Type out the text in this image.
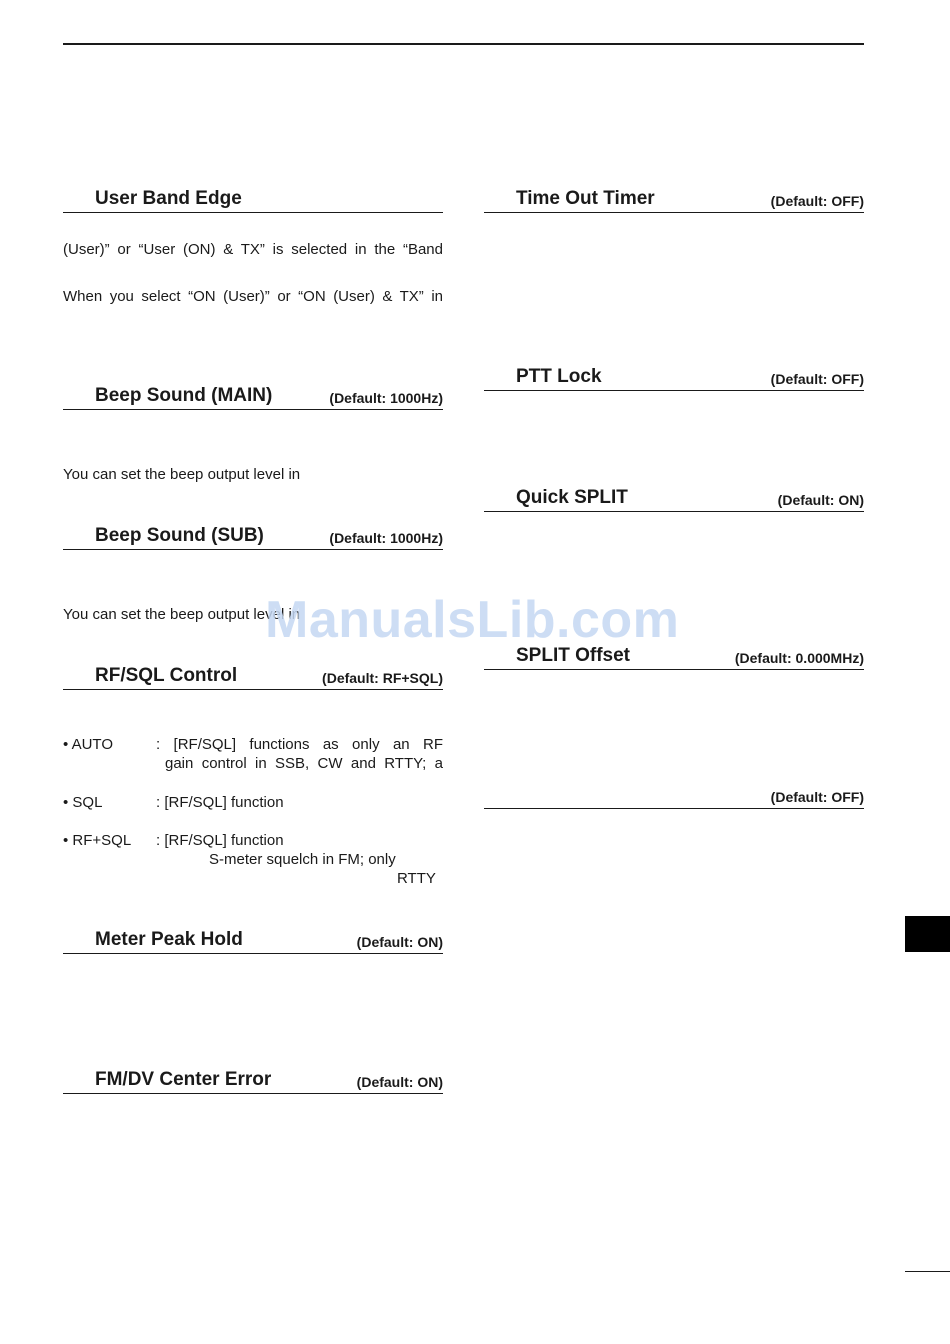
User Band Edge
(User)” or “User (ON) & TX” is selected in the “Band
When you select “ON (User)” or “ON (User) & TX” in
Beep Sound (MAIN)	(Default: 1000Hz)
You can set the beep output level in
Beep Sound (SUB)	(Default: 1000Hz)
You can set the beep output level in
RF/SQL Control	(Default: RF+SQL)
• AUTO	: [RF/SQL] functions as only an RF
gain control in SSB, CW and RTTY; a
• SQL	: [RF/SQL] function
• RF+SQL : [RF/SQL] function
S-meter squelch in FM; only
RTTY
Meter Peak Hold	(Default: ON)
FM/DV Center Error	(Default: ON)
Time Out Timer	(Default: OFF)
PTT Lock	(Default: OFF)
Quick SPLIT	(Default: ON)
SPLIT Offset	(Default: 0.000MHz)
(Default: OFF)
ManualsLib.com
